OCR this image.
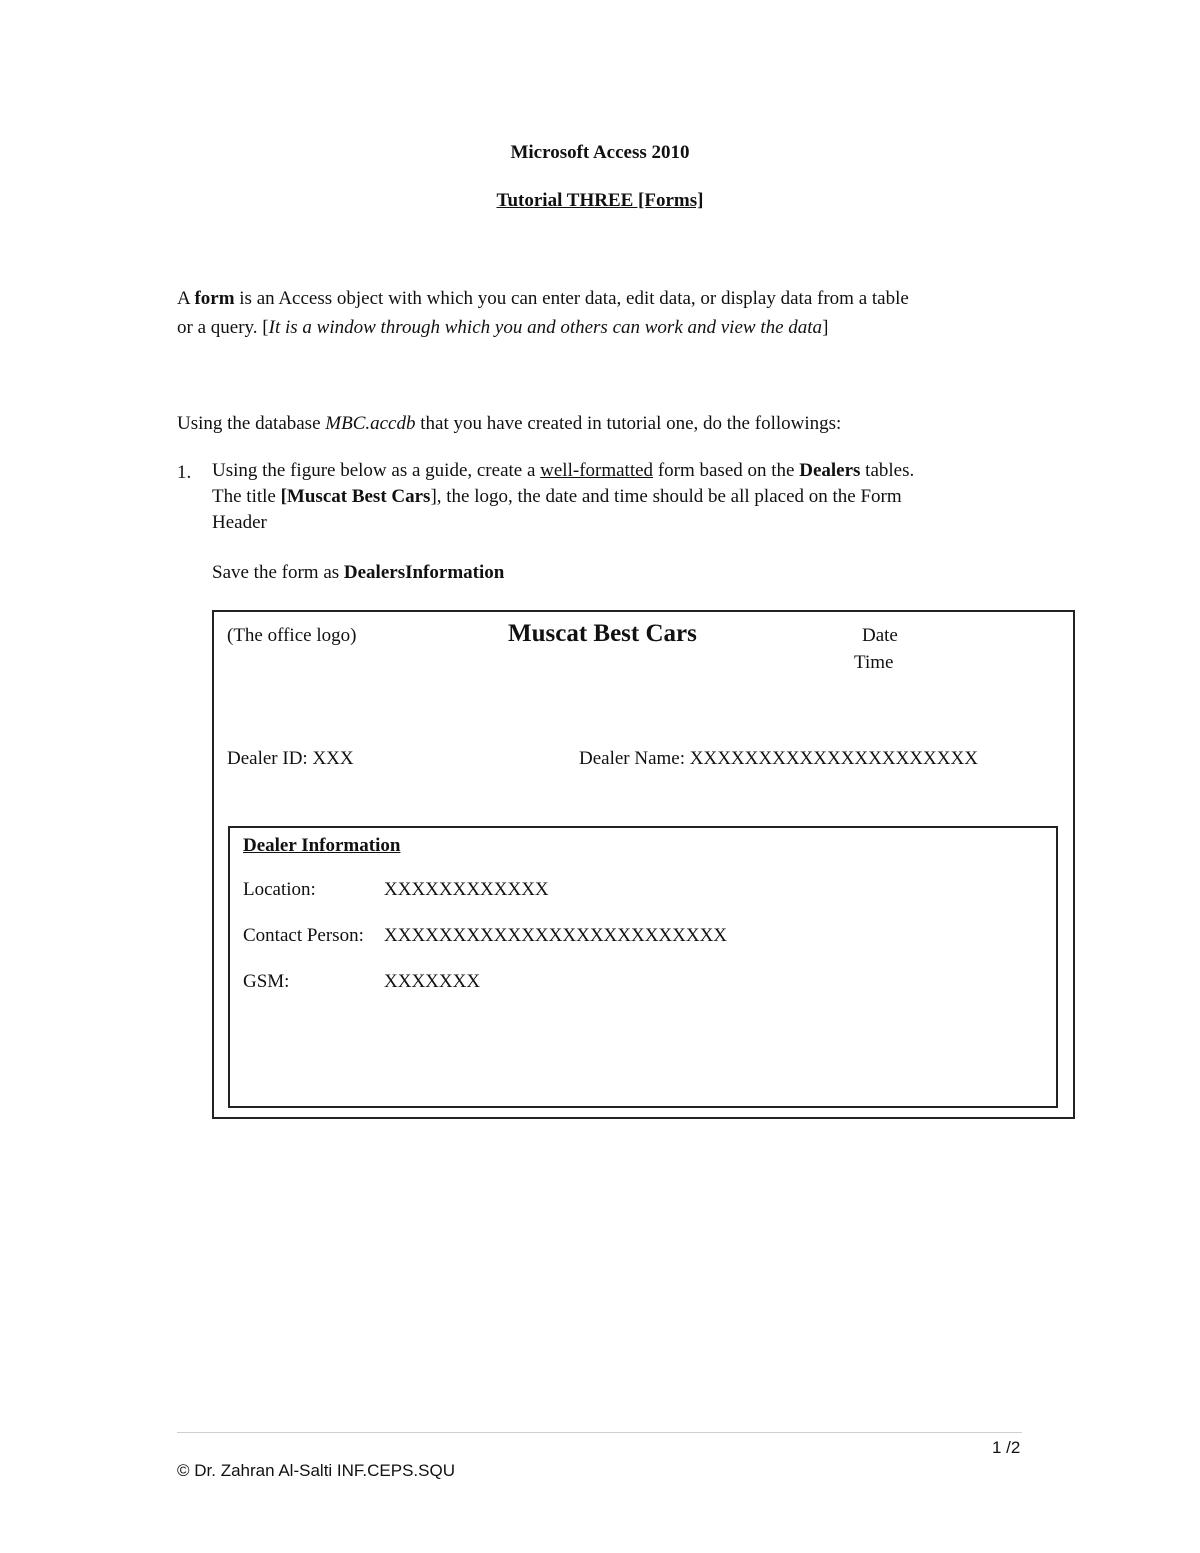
Microsoft Access 2010
Tutorial THREE [Forms]
A form is an Access object with which you can enter data, edit data, or display data from a table
or a query. [It is a window through which you and others can work and view the data]
Using the database MBC.accdb that you have created in tutorial one, do the followings:
1.	Using the figure below as a guide, create a well-formatted form based on the Dealers tables.
The title [Muscat Best Cars], the logo, the date and time should be all placed on the Form
Header
Save the form as DealersInformation
(The office logo)	Muscat Best Cars	Date
Time
Dealer ID: XXX	Dealer Name: XXXXXXXXXXXXXXXXXXXXX
Dealer Information
Location:	XXXXXXXXXXXX
Contact Person: XXXXXXXXXXXXXXXXXXXXXXXXX
GSM:	XXXXXXX
1 /2
© Dr. Zahran Al-Salti INF.CEPS.SQU
